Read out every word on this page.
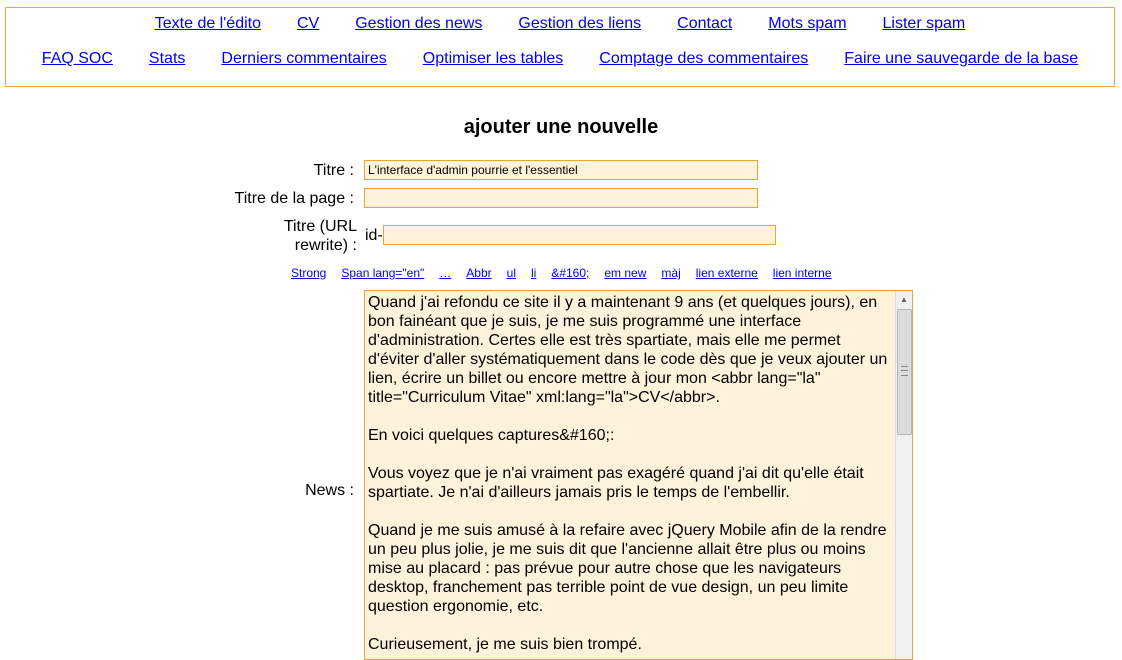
Texte de l'édito CV Gestion des news Gestion des liens Contact Mots spam Lister spam
FAQ SOC Stats Derniers commentaires Optimiser les tables Comptage des commentaires Faire une sauvegarde de la base
ajouter une nouvelle
Titre :
L'interface d'admin pourrie et l'essentiel
Titre de la page :
Titre (URL
rewrite) :
id-
Strong Span lang="en" … Abbr ul li &#160; em new màj lien externe lien interne
News :
Quand j'ai refondu ce site il y a maintenant 9 ans (et quelques jours), en bon fainéant que je suis, je me suis programmé une interface d'administration. Certes elle est très spartiate, mais elle me permet d'éviter d'aller systématiquement dans le code dès que je veux ajouter un lien, écrire un billet ou encore mettre à jour mon <abbr lang="la" title="Curriculum Vitae" xml:lang="la">CV</abbr>.

En voici quelques captures&#160;:

Vous voyez que je n'ai vraiment pas exagéré quand j'ai dit qu'elle était spartiate. Je n'ai d'ailleurs jamais pris le temps de l'embellir.

Quand je me suis amusé à la refaire avec jQuery Mobile afin de la rendre un peu plus jolie, je me suis dit que l'ancienne allait être plus ou moins mise au placard : pas prévue pour autre chose que les navigateurs desktop, franchement pas terrible point de vue design, un peu limite question ergonomie, etc.

Curieusement, je me suis bien trompé.
▲
